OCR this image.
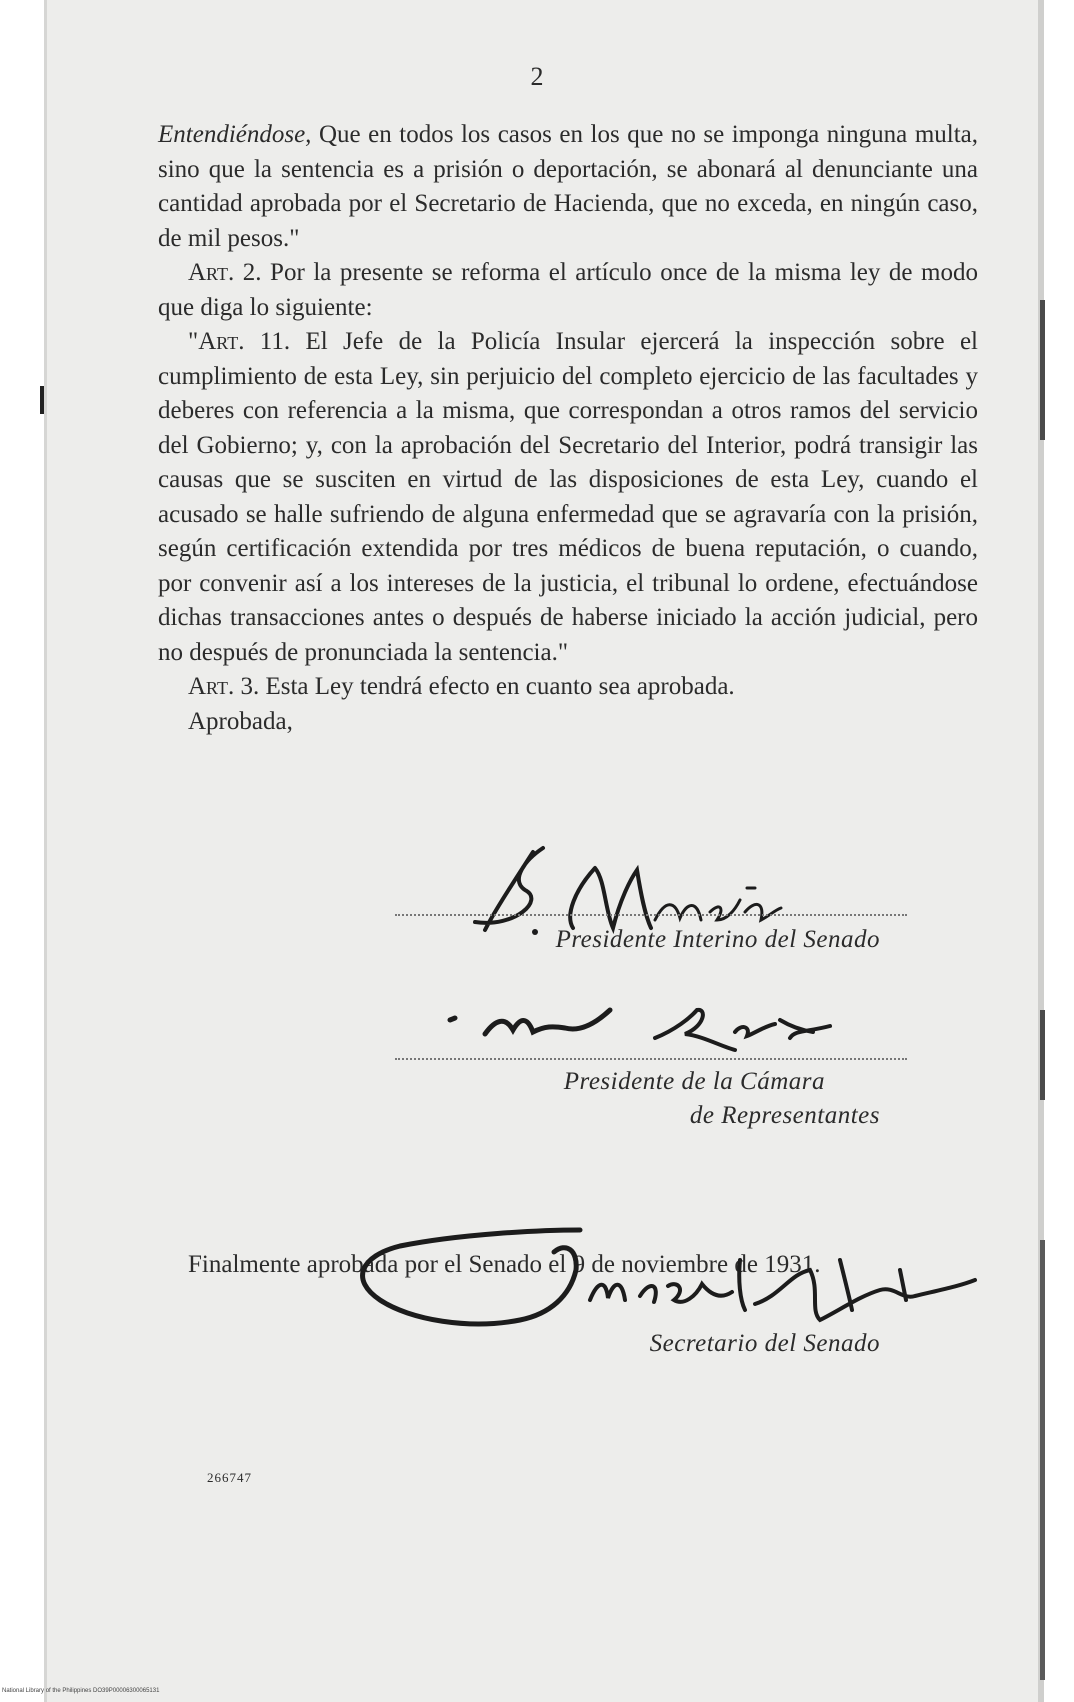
2

Entendiéndose, Que en todos los casos en los que no se imponga ninguna multa, sino que la sentencia es a prisión o deportación, se abonará al denunciante una cantidad aprobada por el Secretario de Hacienda, que no exceda, en ningún caso, de mil pesos."

Art. 2. Por la presente se reforma el artículo once de la misma ley de modo que diga lo siguiente:

"Art. 11. El Jefe de la Policía Insular ejercerá la inspección sobre el cumplimiento de esta Ley, sin perjuicio del completo ejercicio de las facultades y deberes con referencia a la misma, que correspondan a otros ramos del servicio del Gobierno; y, con la aprobación del Secretario del Interior, podrá transigir las causas que se susciten en virtud de las disposiciones de esta Ley, cuando el acusado se halle sufriendo de alguna enfermedad que se agravaría con la prisión, según certificación extendida por tres médicos de buena reputación, o cuando, por convenir así a los intereses de la justicia, el tribunal lo ordene, efectuándose dichas transacciones antes o después de haberse iniciado la acción judicial, pero no después de pronunciada la sentencia."

Art. 3. Esta Ley tendrá efecto en cuanto sea aprobada.

Aprobada,

Presidente Interino del Senado
Presidente de la Cámara
de Representantes

Finalmente aprobada por el Senado el 9 de noviembre de 1931.

Secretario del Senado
266747
National Library of the Philippines DO39P00006300065131
